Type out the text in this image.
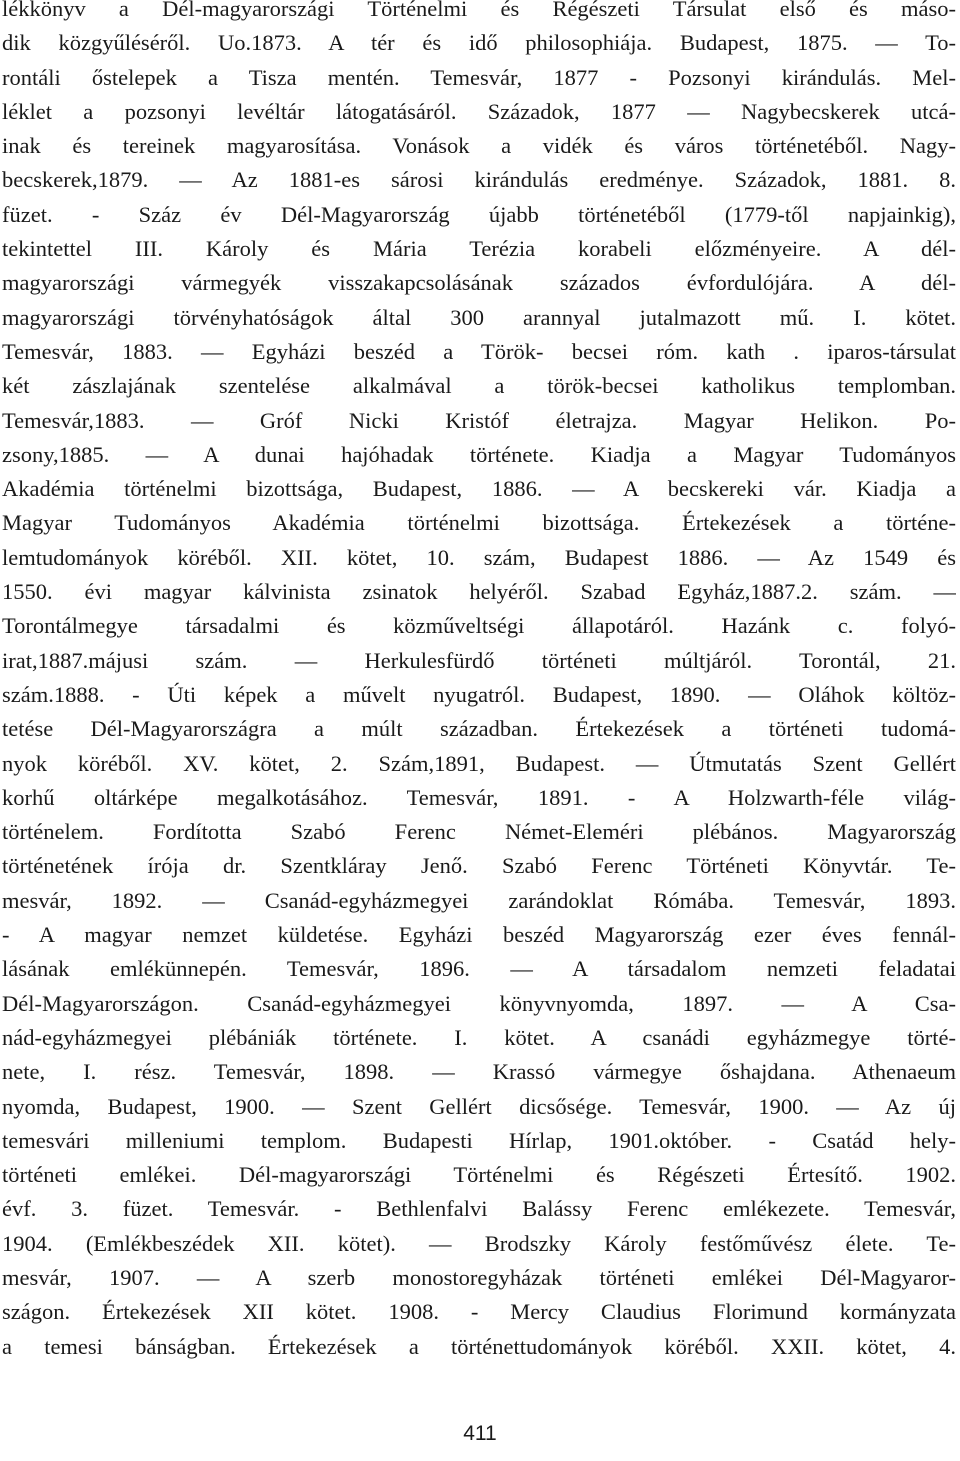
lékkönyv a Dél-magyarországi Történelmi és Régészeti Társulat első és máso-
dik közgyűléséről. Uo.1873. A tér és idő philosophiája. Budapest, 1875. ― To-
rontáli őstelepek a Tisza mentén. Temesvár, 1877 - Pozsonyi kirándulás. Mel-
léklet a pozsonyi levéltár látogatásáról. Századok, 1877 ― Nagybecskerek utcá-
inak és tereinek magyarosítása. Vonások a vidék és város történetéből. Nagy-
becskerek,1879. ― Az 1881-es sárosi kirándulás eredménye. Századok, 1881. 8.
füzet. - Száz év Dél-Magyarország újabb történetéből (1779-től napjainkig),
tekintettel III. Károly és Mária Terézia korabeli előzményeire. A dél-
magyarországi vármegyék visszakapcsolásának százados évfordulójára. A dél-
magyarországi törvényhatóságok által 300 arannyal jutalmazott mű. I. kötet.
Temesvár, 1883. ― Egyházi beszéd a Török- becsei róm. kath . iparos-társulat
két zászlajának szentelése alkalmával a török-becsei katholikus templomban.
Temesvár,1883. ― Gróf Nicki Kristóf életrajza. Magyar Helikon. Po-
zsony,1885. ― A dunai hajóhadak története. Kiadja a Magyar Tudományos
Akadémia történelmi bizottsága, Budapest, 1886. ― A becskereki vár. Kiadja a
Magyar Tudományos Akadémia történelmi bizottsága. Értekezések a történe-
lemtudományok köréből. XII. kötet, 10. szám, Budapest 1886. ― Az 1549 és
1550. évi magyar kálvinista zsinatok helyéről. Szabad Egyház,1887.2. szám. ―
Torontálmegye társadalmi és közműveltségi állapotáról. Hazánk c. folyó-
irat,1887.májusi szám. ― Herkulesfürdő történeti múltjáról. Torontál, 21.
szám.1888. - Úti képek a művelt nyugatról. Budapest, 1890. ― Oláhok költöz-
tetése Dél-Magyarországra a múlt században. Értekezések a történeti tudomá-
nyok köréből. XV. kötet, 2. Szám,1891, Budapest. ― Útmutatás Szent Gellért
korhű oltárképe megalkotásához. Temesvár, 1891. - A Holzwarth-féle világ-
történelem. Fordította Szabó Ferenc Német-Eleméri plébános. Magyarország
történetének írója dr. Szentkláray Jenő. Szabó Ferenc Történeti Könyvtár. Te-
mesvár, 1892. ― Csanád-egyházmegyei zarándoklat Rómába. Temesvár, 1893.
- A magyar nemzet küldetése. Egyházi beszéd Magyarország ezer éves fennál-
lásának emlékünnepén. Temesvár, 1896. ― A társadalom nemzeti feladatai
Dél-Magyarországon. Csanád-egyházmegyei könyvnyomda, 1897. ― A Csa-
nád-egyházmegyei plébániák története. I. kötet. A csanádi egyházmegye törté-
nete, I. rész. Temesvár, 1898. ― Krassó vármegye őshajdana. Athenaeum
nyomda, Budapest, 1900. ― Szent Gellért dicsősége. Temesvár, 1900. ― Az új
temesvári milleniumi templom. Budapesti Hírlap, 1901.október. - Csatád hely-
történeti emlékei. Dél-magyarországi Történelmi és Régészeti Értesítő. 1902.
évf. 3. füzet. Temesvár. - Bethlenfalvi Balássy Ferenc emlékezete. Temesvár,
1904. (Emlékbeszédek XII. kötet). ― Brodszky Károly festőművész élete. Te-
mesvár, 1907. ― A szerb monostoregyházak történeti emlékei Dél-Magyaror-
szágon. Értekezések XII kötet. 1908. - Mercy Claudius Florimund kormányzata
a temesi bánságban. Értekezések a történettudományok köréből. XXII. kötet, 4.
411
